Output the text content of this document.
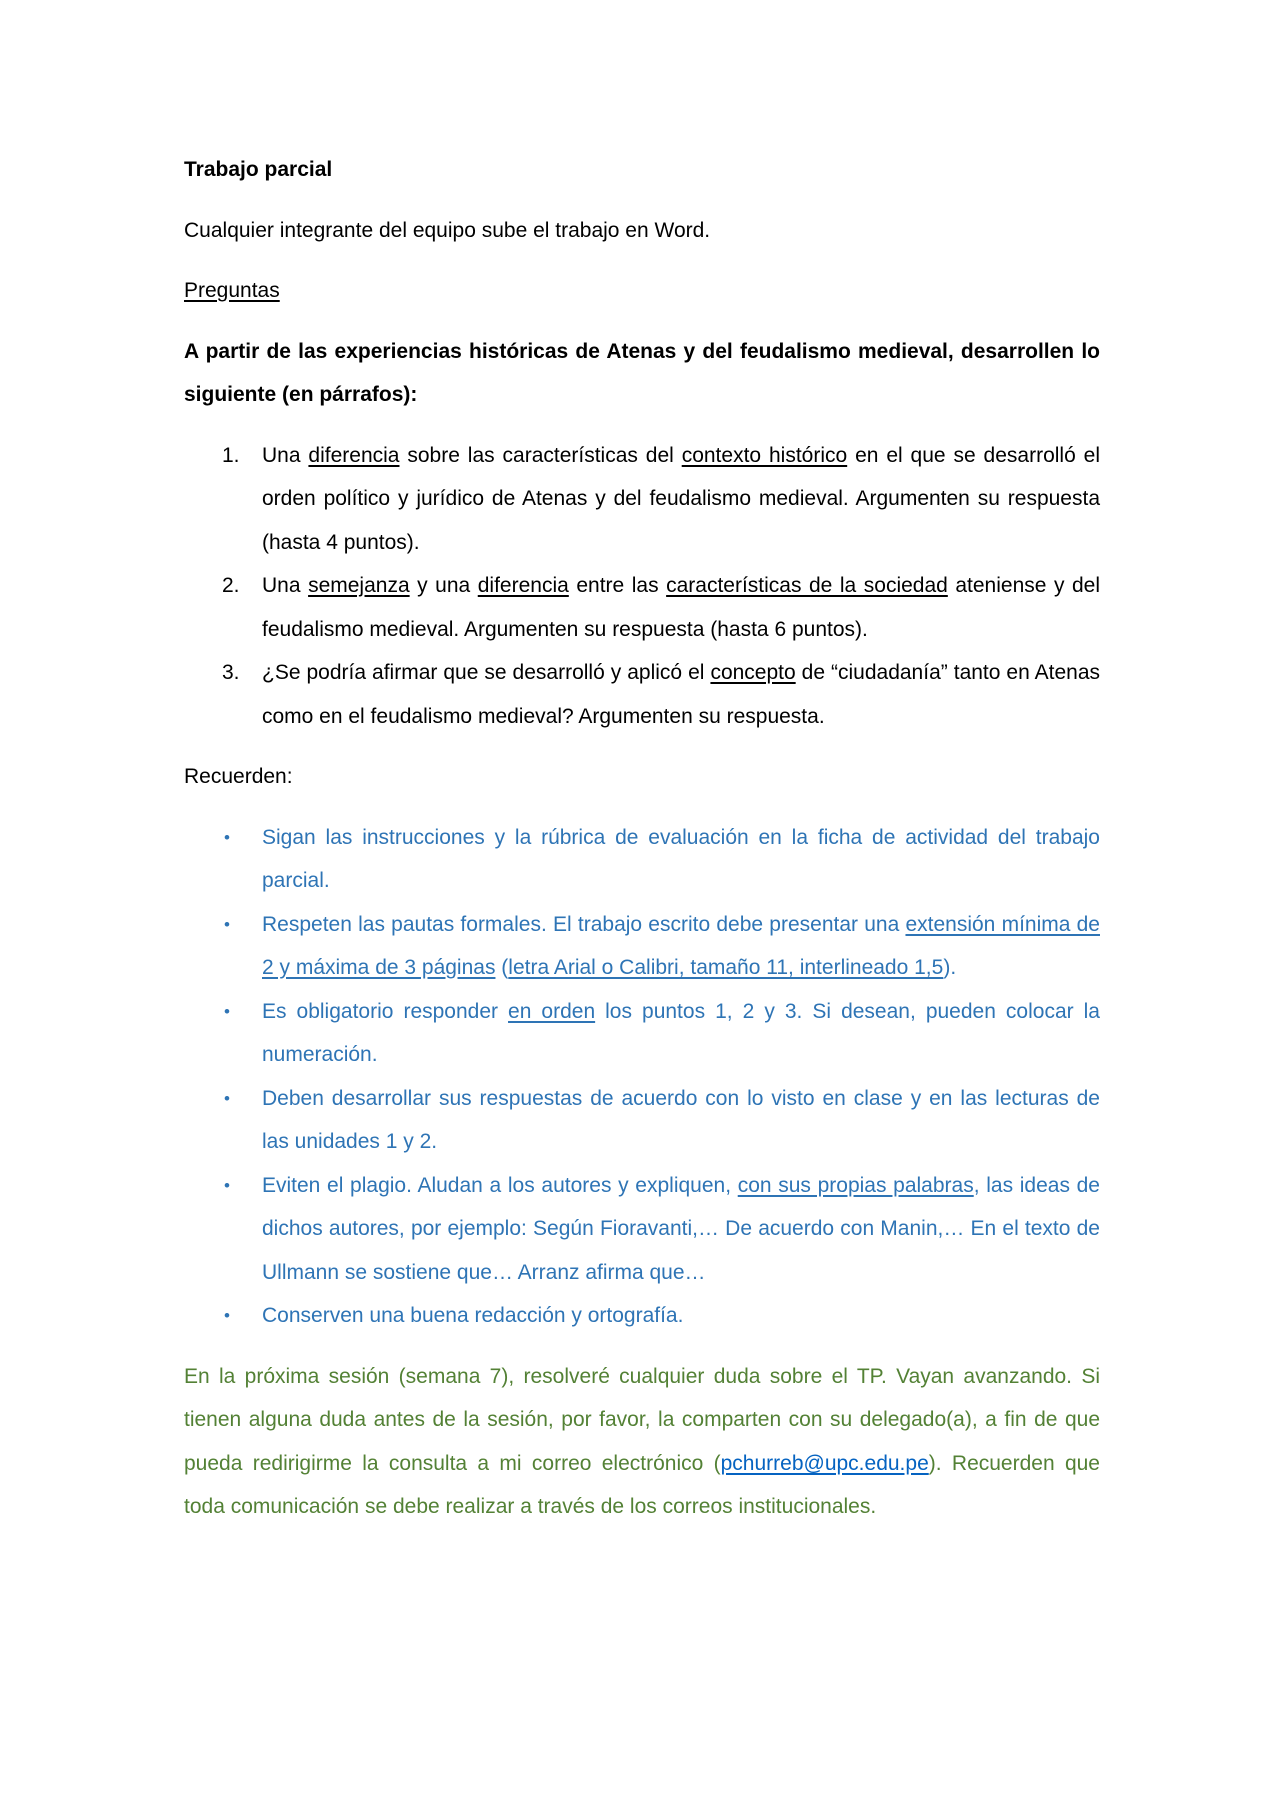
Trabajo parcial

Cualquier integrante del equipo sube el trabajo en Word.

Preguntas

A partir de las experiencias históricas de Atenas y del feudalismo medieval, desarrollen lo siguiente (en párrafos):

1. Una diferencia sobre las características del contexto histórico en el que se desarrolló el orden político y jurídico de Atenas y del feudalismo medieval. Argumenten su respuesta (hasta 4 puntos).
2. Una semejanza y una diferencia entre las características de la sociedad ateniense y del feudalismo medieval. Argumenten su respuesta (hasta 6 puntos).
3. ¿Se podría afirmar que se desarrolló y aplicó el concepto de “ciudadanía” tanto en Atenas como en el feudalismo medieval? Argumenten su respuesta.

Recuerden:

• Sigan las instrucciones y la rúbrica de evaluación en la ficha de actividad del trabajo parcial.
• Respeten las pautas formales. El trabajo escrito debe presentar una extensión mínima de 2 y máxima de 3 páginas (letra Arial o Calibri, tamaño 11, interlineado 1,5).
• Es obligatorio responder en orden los puntos 1, 2 y 3. Si desean, pueden colocar la numeración.
• Deben desarrollar sus respuestas de acuerdo con lo visto en clase y en las lecturas de las unidades 1 y 2.
• Eviten el plagio. Aludan a los autores y expliquen, con sus propias palabras, las ideas de dichos autores, por ejemplo: Según Fioravanti,… De acuerdo con Manin,… En el texto de Ullmann se sostiene que… Arranz afirma que…
• Conserven una buena redacción y ortografía.

En la próxima sesión (semana 7), resolveré cualquier duda sobre el TP. Vayan avanzando. Si tienen alguna duda antes de la sesión, por favor, la comparten con su delegado(a), a fin de que pueda redirigirme la consulta a mi correo electrónico (pchurreb@upc.edu.pe). Recuerden que toda comunicación se debe realizar a través de los correos institucionales.
